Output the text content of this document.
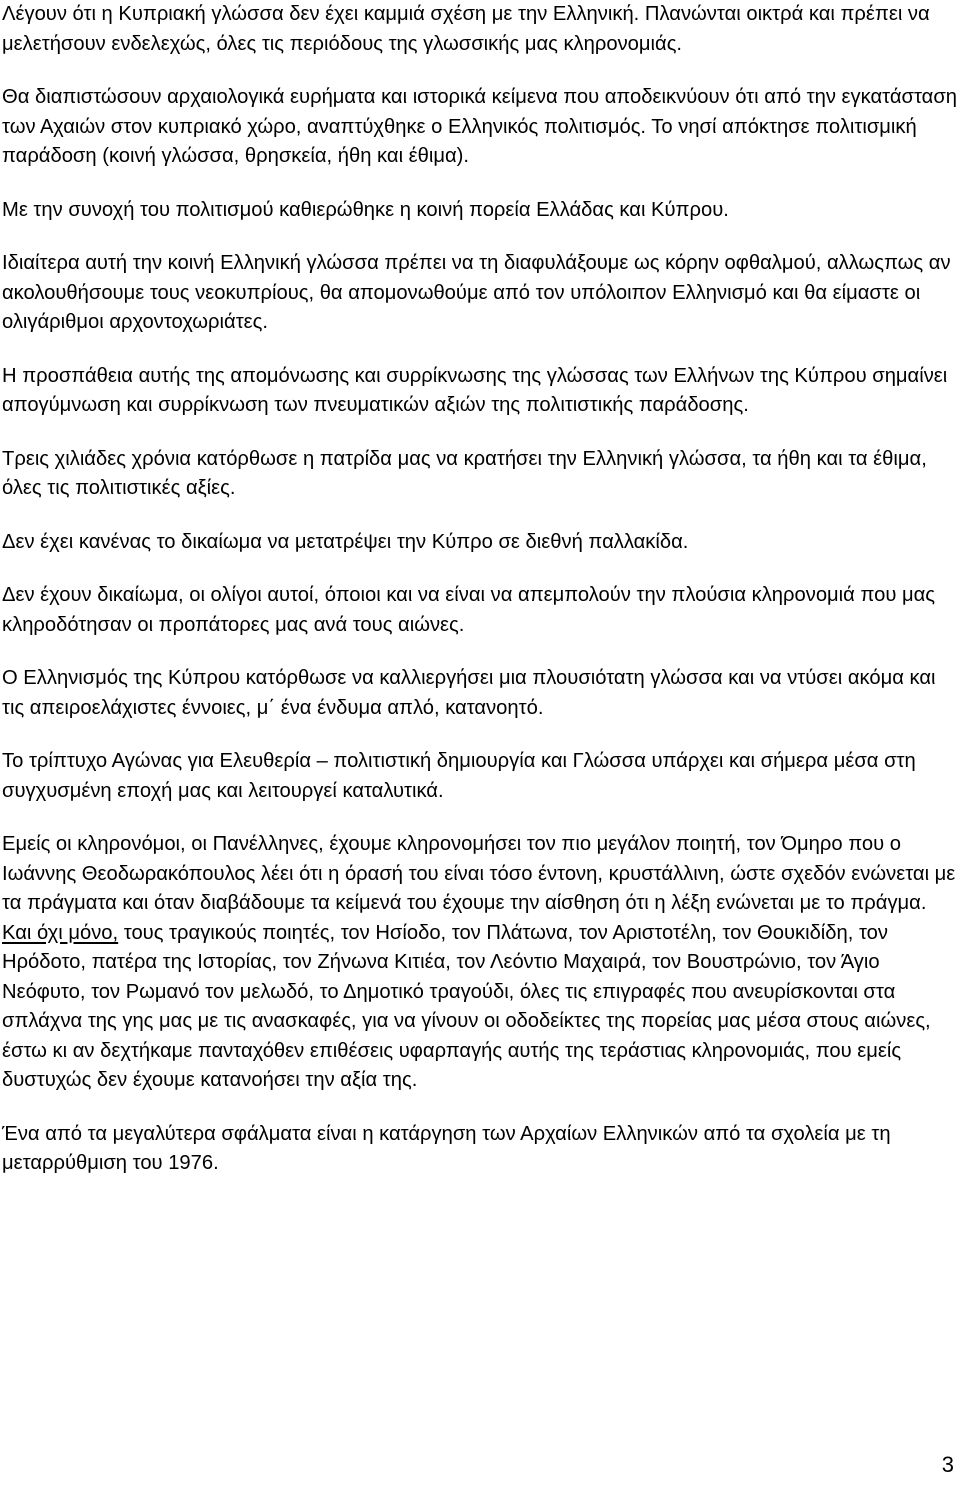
Λέγουν ότι η Κυπριακή γλώσσα δεν έχει καμμιά σχέση με την Ελληνική. Πλανώνται οικτρά και πρέπει να μελετήσουν ενδελεχώς, όλες τις περιόδους της γλωσσικής μας κληρονομιάς.

Θα διαπιστώσουν αρχαιολογικά ευρήματα και ιστορικά κείμενα που αποδεικνύουν ότι από την εγκατάσταση των Αχαιών στον κυπριακό χώρο, αναπτύχθηκε ο Ελληνικός πολιτισμός. Το νησί απόκτησε πολιτισμική παράδοση (κοινή γλώσσα, θρησκεία, ήθη και έθιμα).

Με την συνοχή του πολιτισμού καθιερώθηκε η κοινή πορεία Ελλάδας και Κύπρου.

Ιδιαίτερα αυτή την κοινή Ελληνική γλώσσα πρέπει να τη διαφυλάξουμε ως κόρην οφθαλμού, αλλωςπως αν ακολουθήσουμε τους νεοκυπρίους, θα απομονωθούμε από τον υπόλοιπον Ελληνισμό και θα είμαστε οι ολιγάριθμοι αρχοντοχωριάτες.

Η προσπάθεια αυτής της απομόνωσης και συρρίκνωσης της γλώσσας των Ελλήνων της Κύπρου σημαίνει απογύμνωση και συρρίκνωση των πνευματικών αξιών της πολιτιστικής παράδοσης.

Τρεις χιλιάδες χρόνια κατόρθωσε η πατρίδα μας να κρατήσει την Ελληνική γλώσσα, τα ήθη και τα έθιμα, όλες τις πολιτιστικές αξίες.

Δεν έχει κανένας το δικαίωμα να μετατρέψει την Κύπρο σε διεθνή παλλακίδα.

Δεν έχουν δικαίωμα, οι ολίγοι αυτοί, όποιοι και να είναι να απεμπολούν την πλούσια κληρονομιά που μας κληροδότησαν οι προπάτορες μας ανά τους αιώνες.

Ο Ελληνισμός της Κύπρου κατόρθωσε να καλλιεργήσει μια πλουσιότατη γλώσσα και να ντύσει ακόμα και τις απειροελάχιστες έννοιες, μ΄ ένα ένδυμα απλό, κατανοητό.

Το τρίπτυχο Αγώνας για Ελευθερία – πολιτιστική δημιουργία και Γλώσσα υπάρχει και σήμερα μέσα στη συγχυσμένη εποχή μας και λειτουργεί καταλυτικά.

Εμείς οι κληρονόμοι, οι Πανέλληνες, έχουμε κληρονομήσει τον πιο μεγάλον ποιητή, τον Όμηρο που ο Ιωάννης Θεοδωρακόπουλος λέει ότι η όρασή του είναι τόσο έντονη, κρυστάλλινη, ώστε σχεδόν ενώνεται με τα πράγματα και όταν διαβάδουμε τα κείμενά του έχουμε την αίσθηση ότι η λέξη ενώνεται με το πράγμα. Και όχι μόνο, τους τραγικούς ποιητές, τον Ησίοδο, τον Πλάτωνα, τον Αριστοτέλη, τον Θουκιδίδη, τον Ηρόδοτο, πατέρα της Ιστορίας, τον Ζήνωνα Κιτιέα, τον Λεόντιο Μαχαιρά, τον Βουστρώνιο, τον Άγιο Νεόφυτο, τον Ρωμανό τον μελωδό, το Δημοτικό τραγούδι, όλες τις επιγραφές που ανευρίσκονται στα σπλάχνα της γης μας με τις ανασκαφές, για να γίνουν οι οδοδείκτες της πορείας μας μέσα στους αιώνες, έστω κι αν δεχτήκαμε πανταχόθεν επιθέσεις υφαρπαγής αυτής της τεράστιας κληρονομιάς, που εμείς δυστυχώς δεν έχουμε κατανοήσει την αξία της.

Ένα από τα μεγαλύτερα σφάλματα είναι η κατάργηση των Αρχαίων Ελληνικών από τα σχολεία με τη μεταρρύθμιση του 1976.

3
